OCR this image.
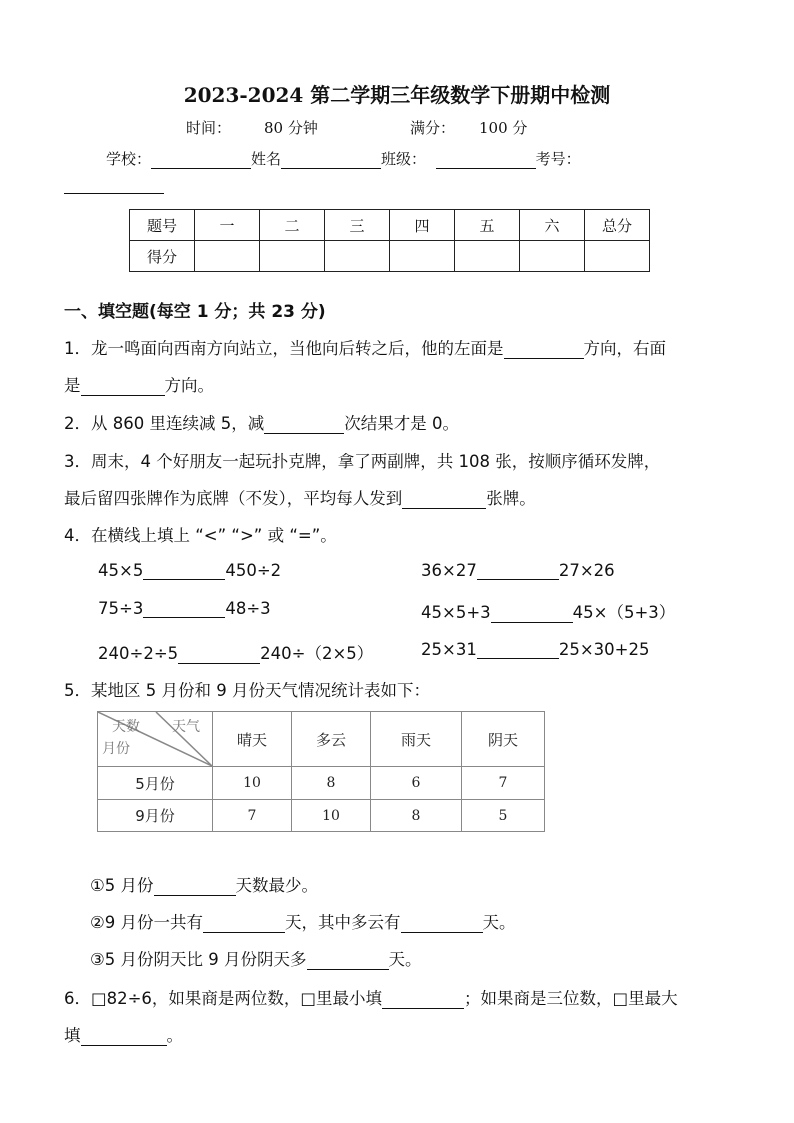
2023-2024 第二学期三年级数学下册期中检测
时间： 80 分钟	满分： 100 分
学校：	姓名	班级：	考号：
题号	一	二	三	四	五	六	总分
得分							
一、填空题(每空 1 分；共 23 分)
1．龙一鸣面向西南方向站立，当他向后转之后，他的左面是	方向，右面
是	方向。
2．从 860 里连续减 5，减	次结果才是 0。
3．周末，4 个好朋友一起玩扑克牌，拿了两副牌，共 108 张，按顺序循环发牌，
最后留四张牌作为底牌（不发），平均每人发到	张牌。
4．在横线上填上 “<” “>” 或 “=”。
45×5	450÷2	36×27	27×26
75÷3	48÷3	45×5+3	45×（5+3）
240÷2÷5	240÷（2×5）	25×31	25×30+25
5．某地区 5 月份和 9 月份天气情况统计表如下：
天数 天气
月份	晴天	多云	雨天	阴天
5月份	10	8	6	7
9月份	7	10	8	5
①5 月份	天数最少。
②9 月份一共有	天，其中多云有	天。
③5 月份阴天比 9 月份阴天多	天。
6．□82÷6，如果商是两位数，□里最小填	；如果商是三位数，□里最大
填	。
